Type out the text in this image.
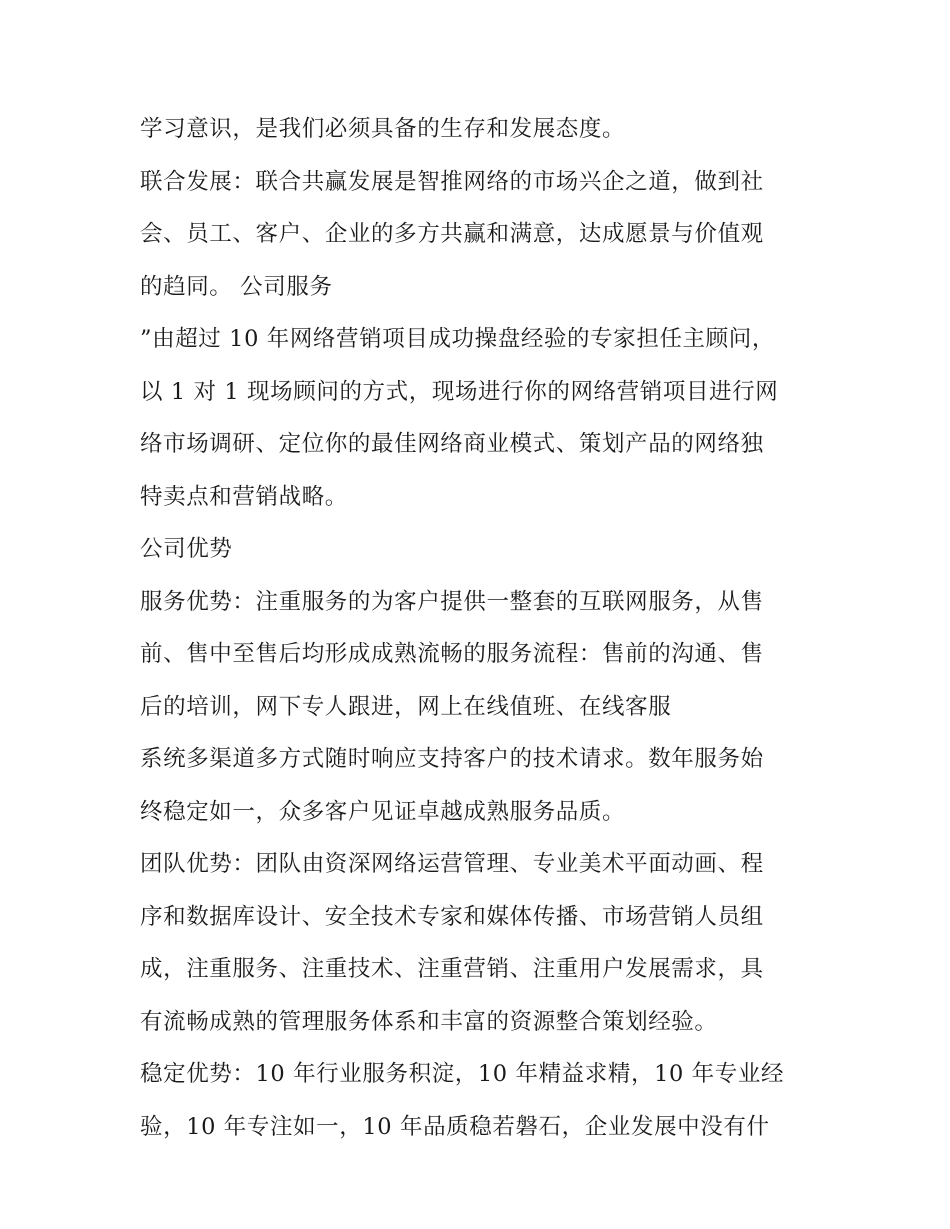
学习意识，是我们必须具备的生存和发展态度。
联合发展：联合共赢发展是智推网络的市场兴企之道，做到社
会、员工、客户、企业的多方共赢和满意，达成愿景与价值观
的趋同。 公司服务
”由超过 10 年网络营销项目成功操盘经验的专家担任主顾问，
以 1 对 1 现场顾问的方式，现场进行你的网络营销项目进行网
络市场调研、定位你的最佳网络商业模式、策划产品的网络独
特卖点和营销战略。
公司优势
服务优势：注重服务的为客户提供一整套的互联网服务，从售
前、售中至售后均形成成熟流畅的服务流程：售前的沟通、售
后的培训，网下专人跟进，网上在线值班、在线客服
系统多渠道多方式随时响应支持客户的技术请求。数年服务始
终稳定如一，众多客户见证卓越成熟服务品质。
团队优势：团队由资深网络运营管理、专业美术平面动画、程
序和数据库设计、安全技术专家和媒体传播、市场营销人员组
成，注重服务、注重技术、注重营销、注重用户发展需求，具
有流畅成熟的管理服务体系和丰富的资源整合策划经验。
稳定优势：10 年行业服务积淀，10 年精益求精，10 年专业经
验，10 年专注如一，10 年品质稳若磐石，企业发展中没有什
